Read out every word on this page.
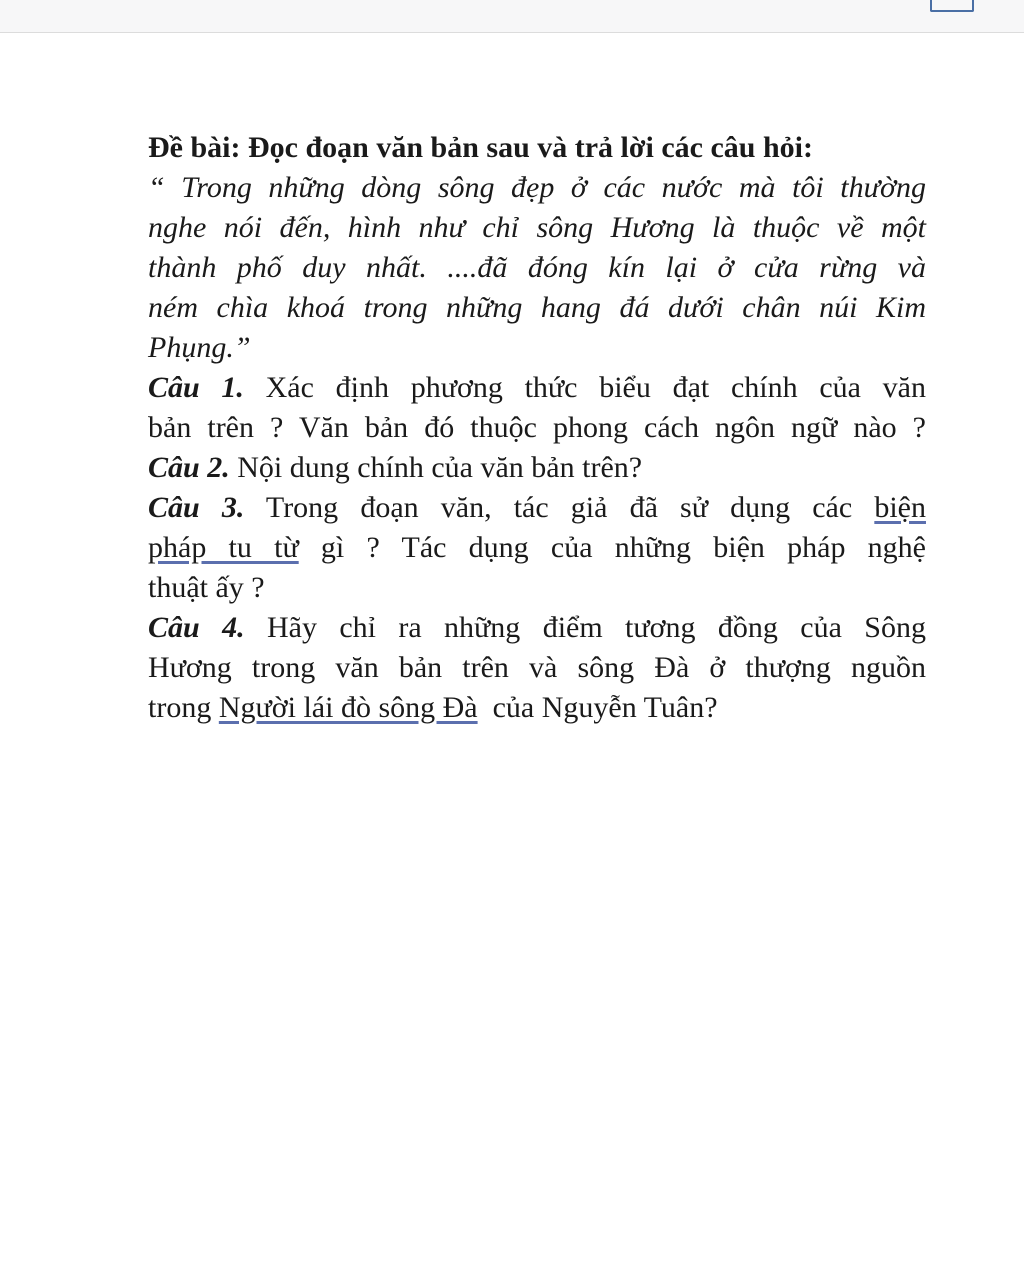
Đề bài: Đọc đoạn văn bản sau và trả lời các câu hỏi:
“ Trong những dòng sông đẹp ở các nước mà tôi thường
nghe nói đến, hình như chỉ sông Hương là thuộc về một
thành phố duy nhất. ....đã đóng kín lại ở cửa rừng và
ném chìa khoá trong những hang đá dưới chân núi Kim
Phụng.”
Câu 1. Xác định phương thức biểu đạt chính của văn
bản trên ? Văn bản đó thuộc phong cách ngôn ngữ nào ?
Câu 2. Nội dung chính của văn bản trên?
Câu 3. Trong đoạn văn, tác giả đã sử dụng các biện
pháp tu từ gì ? Tác dụng của những biện pháp nghệ
thuật ấy ?
Câu 4. Hãy chỉ ra những điểm tương đồng của Sông
Hương trong văn bản trên và sông Đà ở thượng nguồn
trong Người lái đò sông Đà  của Nguyễn Tuân?
